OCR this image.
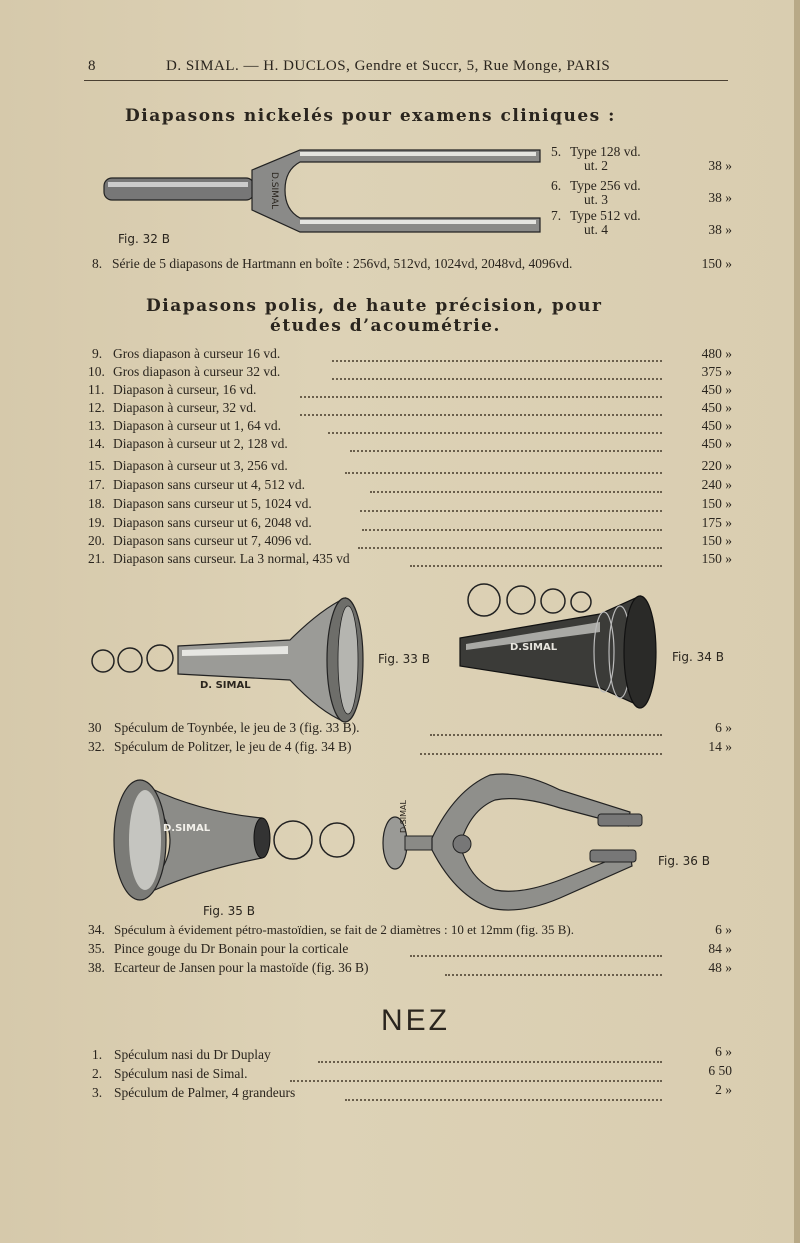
8	D. SIMAL. — H. DUCLOS, Gendre et Succr, 5, Rue Monge, PARIS
Diapasons nickelés pour examens cliniques :
D.SIMAL
Fig. 32 B
5. Type 128 vd.
ut. 2	38 »
6. Type 256 vd.
ut. 3	38 »
7. Type 512 vd.
ut. 4	38 »
8. Série de 5 diapasons de Hartmann en boîte : 256vd, 512vd, 1024vd, 2048vd, 4096vd.	150 »
Diapasons polis, de haute précision, pour
études d’acoumétrie.
9. Gros diapason à curseur 16 vd.	480 »
10. Gros diapason à curseur 32 vd.	375 »
11. Diapason à curseur, 16 vd.	450 »
12. Diapason à curseur, 32 vd.	450 »
13. Diapason à curseur ut 1, 64 vd.	450 »
14. Diapason à curseur ut 2, 128 vd.	450 »
15. Diapason à curseur ut 3, 256 vd.	220 »
17. Diapason sans curseur ut 4, 512 vd.	240 »
18. Diapason sans curseur ut 5, 1024 vd.	150 »
19. Diapason sans curseur ut 6, 2048 vd.	175 »
20. Diapason sans curseur ut 7, 4096 vd.	150 »
21. Diapason sans curseur. La 3 normal, 435 vd	150 »
D. SIMAL
Fig. 33 B
D.SIMAL
Fig. 34 B
30 Spéculum de Toynbée, le jeu de 3 (fig. 33 B).	6 »
32. Spéculum de Politzer, le jeu de 4 (fig. 34 B)	14 »
D.SIMAL
Fig. 35 B
D.SIMAL
Fig. 36 B
34. Spéculum à évidement pétro-mastoïdien, se fait de 2 diamètres : 10 et 12mm (fig. 35 B).	6 »
35. Pince gouge du Dr Bonain pour la corticale	84 »
38. Ecarteur de Jansen pour la mastoïde (fig. 36 B)	48 »
NEZ
1. Spéculum nasi du Dr Duplay	6 »
2. Spéculum nasi de Simal.	6 50
3. Spéculum de Palmer, 4 grandeurs	2 »
